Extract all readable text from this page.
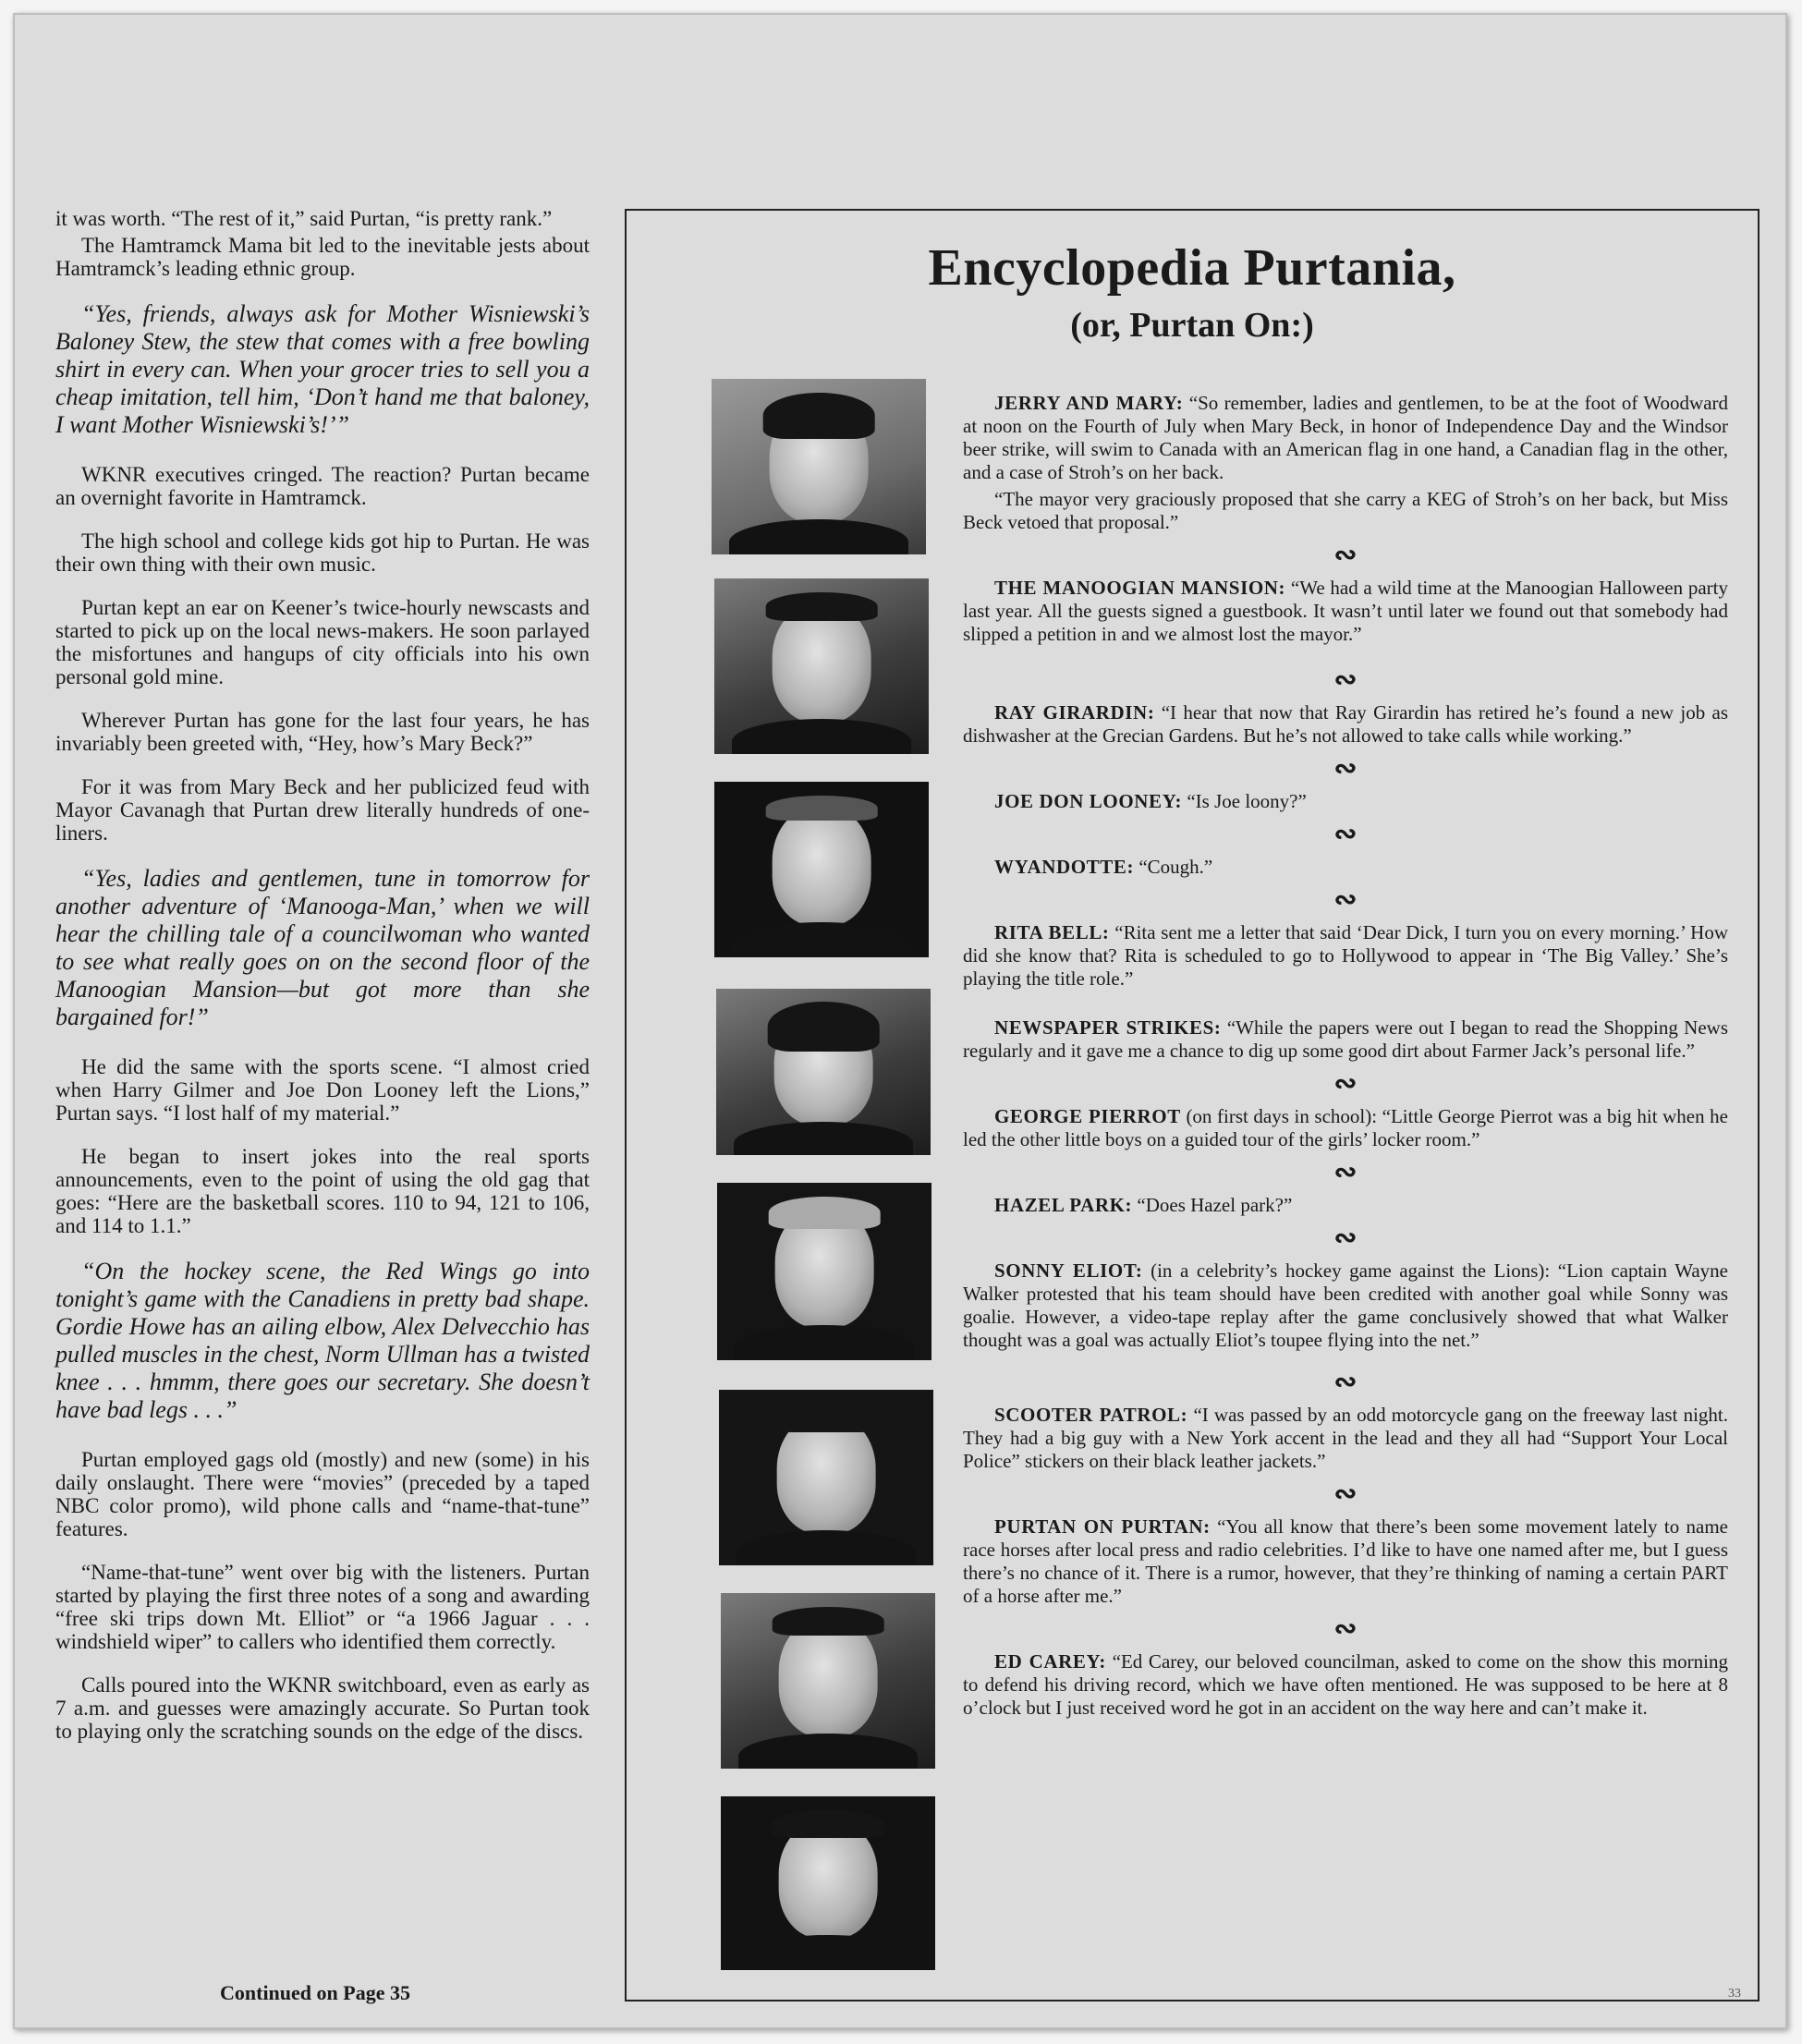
it was worth. “The rest of it,” said Purtan, “is pretty rank.”

The Hamtramck Mama bit led to the inevitable jests about Hamtramck’s leading ethnic group.

“Yes, friends, always ask for Mother Wisniewski’s Baloney Stew, the stew that comes with a free bowling shirt in every can. When your grocer tries to sell you a cheap imitation, tell him, ‘Don’t hand me that baloney, I want Mother Wisniewski’s!’”

WKNR executives cringed. The reaction? Purtan became an overnight favorite in Hamtramck.

The high school and college kids got hip to Purtan. He was their own thing with their own music.

Purtan kept an ear on Keener’s twice-hourly newscasts and started to pick up on the local news-makers. He soon parlayed the misfortunes and hangups of city officials into his own personal gold mine.

Wherever Purtan has gone for the last four years, he has invariably been greeted with, “Hey, how’s Mary Beck?”

For it was from Mary Beck and her publicized feud with Mayor Cavanagh that Purtan drew literally hundreds of one-liners.

“Yes, ladies and gentlemen, tune in tomorrow for another adventure of ‘Manooga-Man,’ when we will hear the chilling tale of a councilwoman who wanted to see what really goes on on the second floor of the Manoogian Mansion—but got more than she bargained for!”

He did the same with the sports scene. “I almost cried when Harry Gilmer and Joe Don Looney left the Lions,” Purtan says. “I lost half of my material.”

He began to insert jokes into the real sports announcements, even to the point of using the old gag that goes: “Here are the basketball scores. 110 to 94, 121 to 106, and 114 to 1.1.”

“On the hockey scene, the Red Wings go into tonight’s game with the Canadiens in pretty bad shape. Gordie Howe has an ailing elbow, Alex Delvecchio has pulled muscles in the chest, Norm Ullman has a twisted knee . . . hmmm, there goes our secretary. She doesn’t have bad legs . . .”

Purtan employed gags old (mostly) and new (some) in his daily onslaught. There were “movies” (preceded by a taped NBC color promo), wild phone calls and “name-that-tune” features.

“Name-that-tune” went over big with the listeners. Purtan started by playing the first three notes of a song and awarding “free ski trips down Mt. Elliot” or “a 1966 Jaguar . . . windshield wiper” to callers who identified them correctly.

Calls poured into the WKNR switchboard, even as early as 7 a.m. and guesses were amazingly accurate. So Purtan took to playing only the scratching sounds on the edge of the discs.

Continued on Page 35
Encyclopedia Purtania,
(or, Purtan On:)

JERRY AND MARY: “So remember, ladies and gentlemen, to be at the foot of Woodward at noon on the Fourth of July when Mary Beck, in honor of Independence Day and the Windsor beer strike, will swim to Canada with an American flag in one hand, a Canadian flag in the other, and a case of Stroh’s on her back.

“The mayor very graciously proposed that she carry a KEG of Stroh’s on her back, but Miss Beck vetoed that proposal.”

∾

THE MANOOGIAN MANSION: “We had a wild time at the Manoogian Halloween party last year. All the guests signed a guestbook. It wasn’t until later we found out that somebody had slipped a petition in and we almost lost the mayor.”

∾

RAY GIRARDIN: “I hear that now that Ray Girardin has retired he’s found a new job as dishwasher at the Grecian Gardens. But he’s not allowed to take calls while working.”

∾

JOE DON LOONEY: “Is Joe loony?”

∾

WYANDOTTE: “Cough.”

∾

RITA BELL: “Rita sent me a letter that said ‘Dear Dick, I turn you on every morning.’ How did she know that? Rita is scheduled to go to Hollywood to appear in ‘The Big Valley.’ She’s playing the title role.”

NEWSPAPER STRIKES: “While the papers were out I began to read the Shopping News regularly and it gave me a chance to dig up some good dirt about Farmer Jack’s personal life.”

∾

GEORGE PIERROT (on first days in school): “Little George Pierrot was a big hit when he led the other little boys on a guided tour of the girls’ locker room.”

∾

HAZEL PARK: “Does Hazel park?”

∾

SONNY ELIOT: (in a celebrity’s hockey game against the Lions): “Lion captain Wayne Walker protested that his team should have been credited with another goal while Sonny was goalie. However, a video-tape replay after the game conclusively showed that what Walker thought was a goal was actually Eliot’s toupee flying into the net.”

∾

SCOOTER PATROL: “I was passed by an odd motorcycle gang on the freeway last night. They had a big guy with a New York accent in the lead and they all had “Support Your Local Police” stickers on their black leather jackets.”

∾

PURTAN ON PURTAN: “You all know that there’s been some movement lately to name race horses after local press and radio celebrities. I’d like to have one named after me, but I guess there’s no chance of it. There is a rumor, however, that they’re thinking of naming a certain PART of a horse after me.”

∾

ED CAREY: “Ed Carey, our beloved councilman, asked to come on the show this morning to defend his driving record, which we have often mentioned. He was supposed to be here at 8 o’clock but I just received word he got in an accident on the way here and can’t make it.

33
